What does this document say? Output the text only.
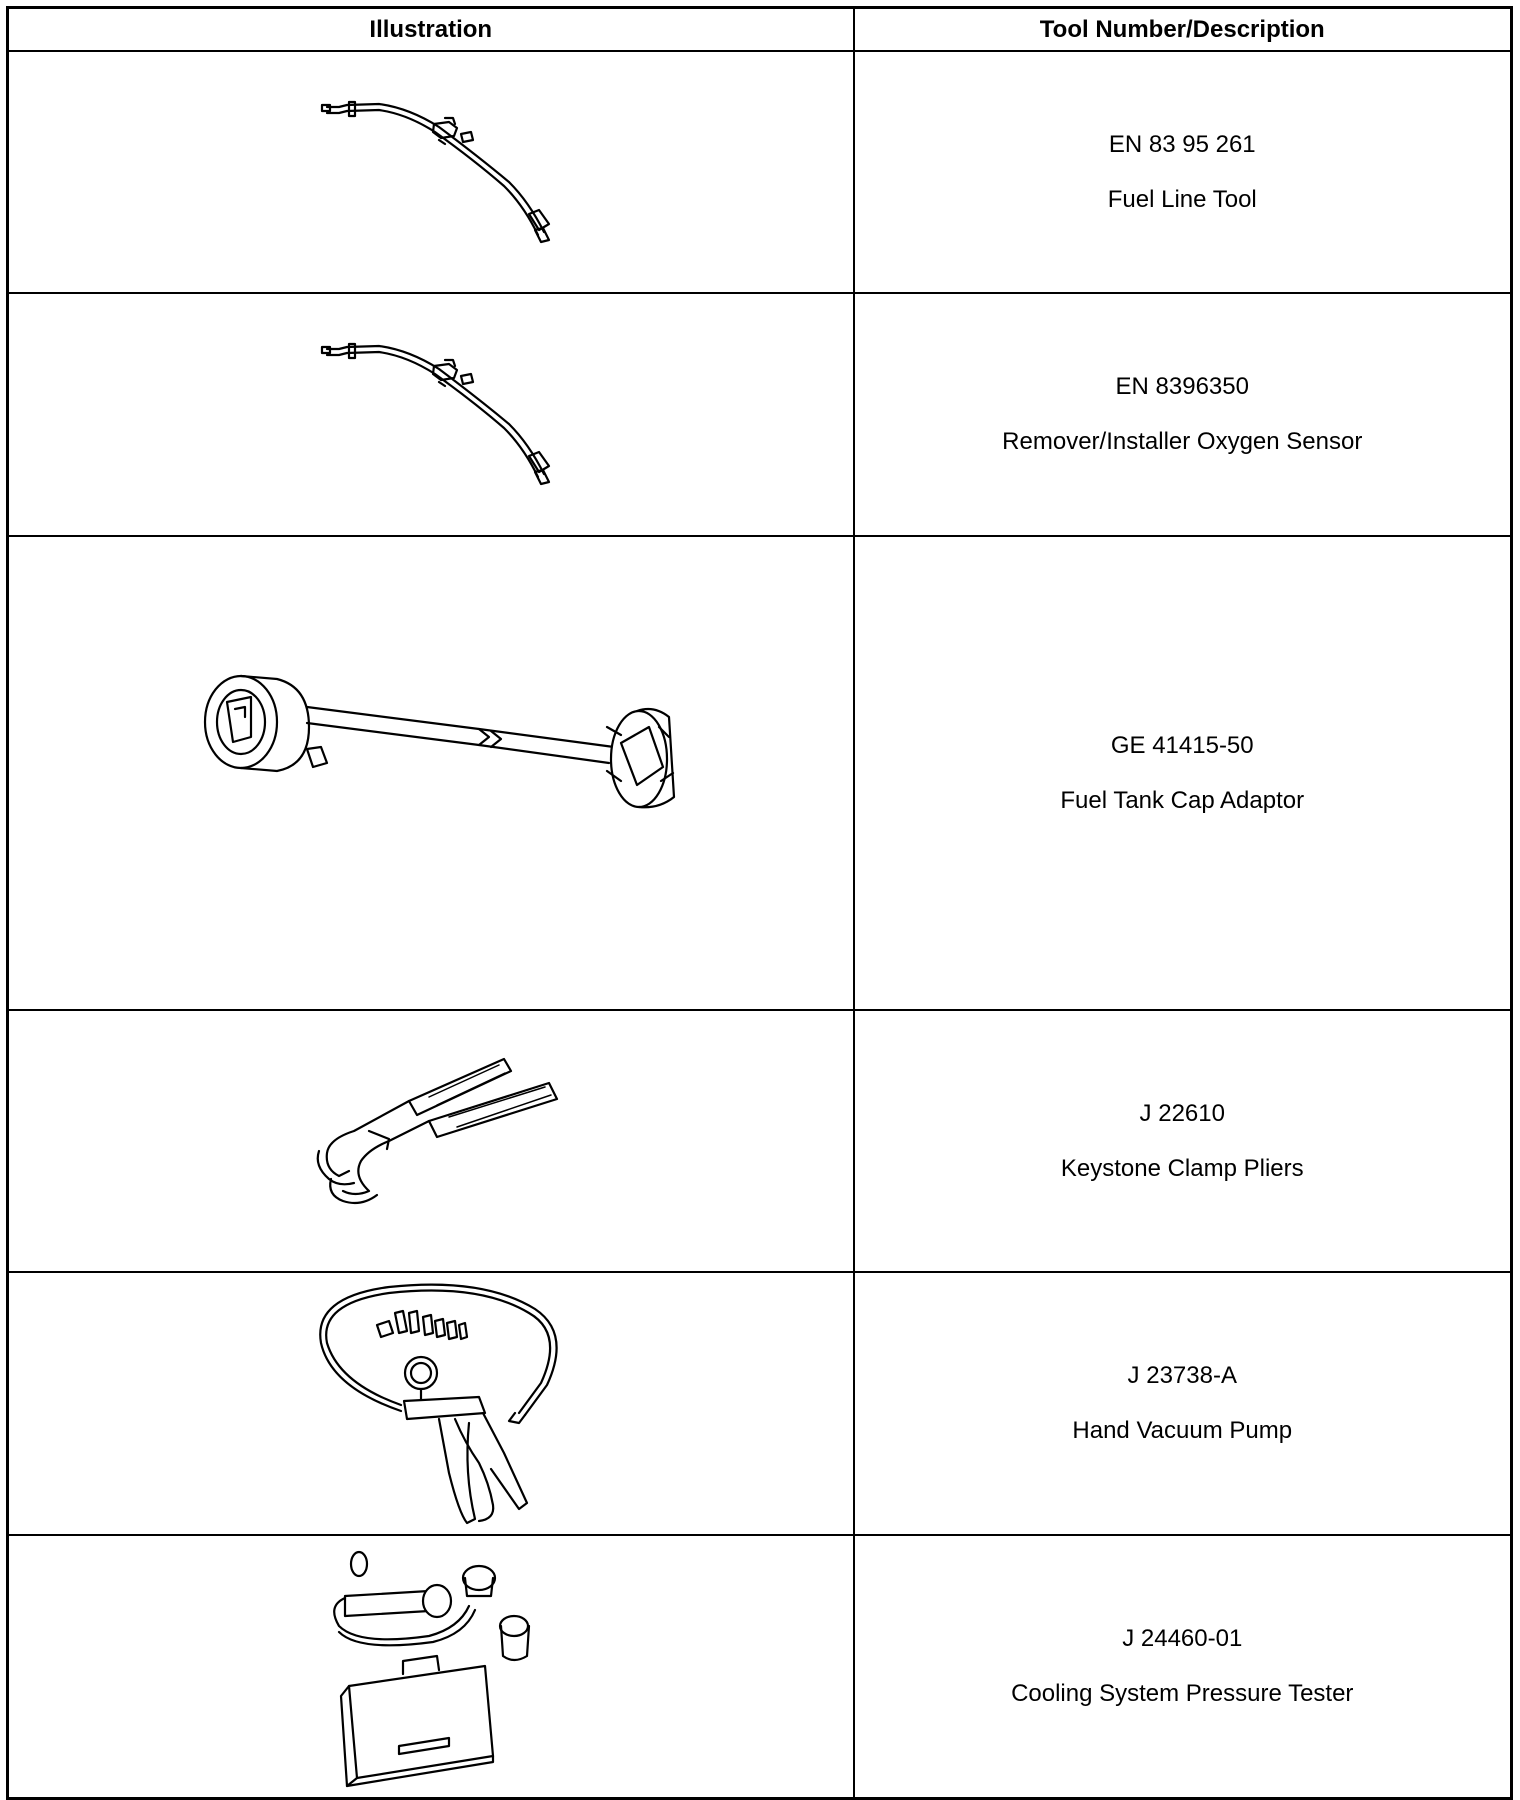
Illustration	Tool Number/Description

EN 83 95 261
Fuel Line Tool

EN 8396350
Remover/Installer Oxygen Sensor

GE 41415-50
Fuel Tank Cap Adaptor

J 22610
Keystone Clamp Pliers

J 23738-A
Hand Vacuum Pump

J 24460-01
Cooling System Pressure Tester
